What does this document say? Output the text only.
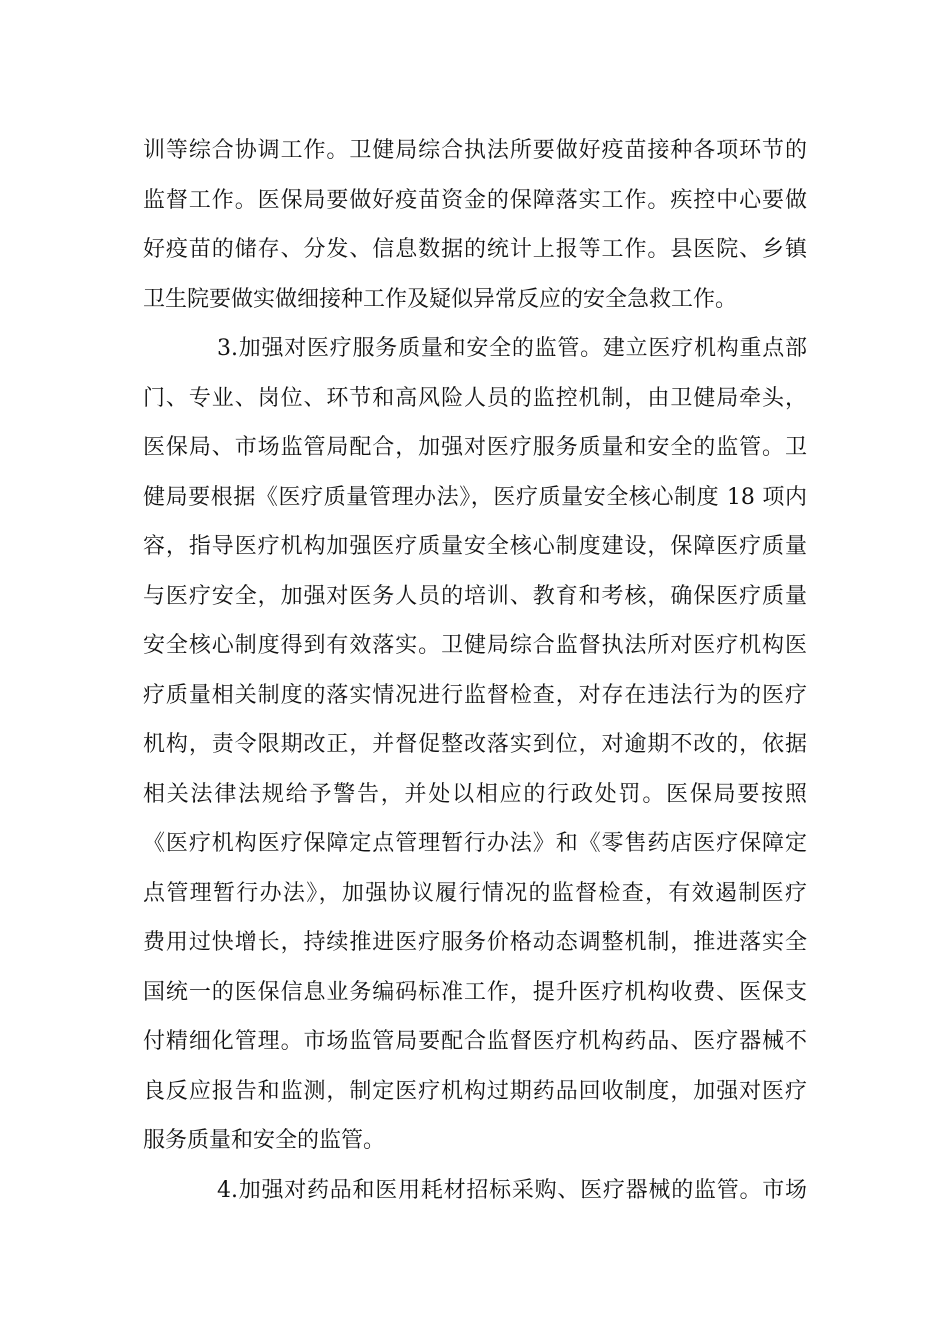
训等综合协调工作。卫健局综合执法所要做好疫苗接种各项环节的
监督工作。医保局要做好疫苗资金的保障落实工作。疾控中心要做
好疫苗的储存、分发、信息数据的统计上报等工作。县医院、乡镇
卫生院要做实做细接种工作及疑似异常反应的安全急救工作。
3.加强对医疗服务质量和安全的监管。建立医疗机构重点部
门、专业、岗位、环节和高风险人员的监控机制，由卫健局牵头，
医保局、市场监管局配合，加强对医疗服务质量和安全的监管。卫
健局要根据《医疗质量管理办法》，医疗质量安全核心制度 18 项内
容，指导医疗机构加强医疗质量安全核心制度建设，保障医疗质量
与医疗安全，加强对医务人员的培训、教育和考核，确保医疗质量
安全核心制度得到有效落实。卫健局综合监督执法所对医疗机构医
疗质量相关制度的落实情况进行监督检查，对存在违法行为的医疗
机构，责令限期改正，并督促整改落实到位，对逾期不改的，依据
相关法律法规给予警告，并处以相应的行政处罚。医保局要按照
《医疗机构医疗保障定点管理暂行办法》和《零售药店医疗保障定
点管理暂行办法》，加强协议履行情况的监督检查，有效遏制医疗
费用过快增长，持续推进医疗服务价格动态调整机制，推进落实全
国统一的医保信息业务编码标准工作，提升医疗机构收费、医保支
付精细化管理。市场监管局要配合监督医疗机构药品、医疗器械不
良反应报告和监测，制定医疗机构过期药品回收制度，加强对医疗
服务质量和安全的监管。
4.加强对药品和医用耗材招标采购、医疗器械的监管。市场
